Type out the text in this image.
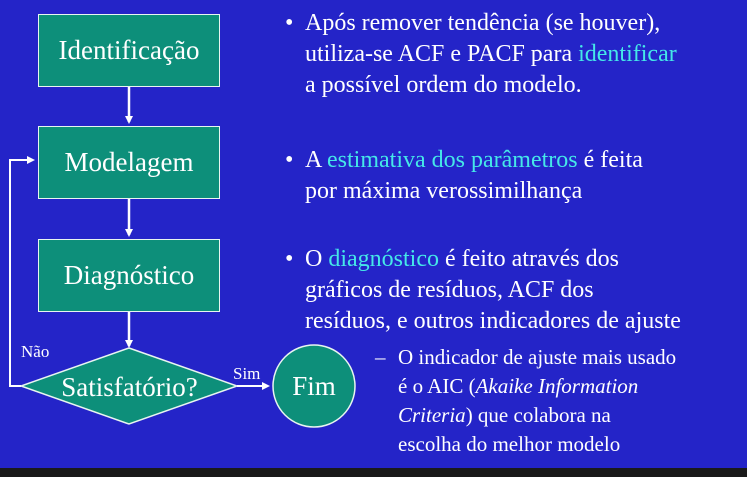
Identificação
Modelagem
Diagnóstico
Satisfatório?	Fim
Não
Sim
• Após remover tendência (se houver),
utiliza-se ACF e PACF para identificar
a possível ordem do modelo.
• A estimativa dos parâmetros é feita
por máxima verossimilhança
• O diagnóstico é feito através dos
gráficos de resíduos, ACF dos
resíduos, e outros indicadores de ajuste
– O indicador de ajuste mais usado
é o AIC (Akaike Information
Criteria) que colabora na
escolha do melhor modelo
